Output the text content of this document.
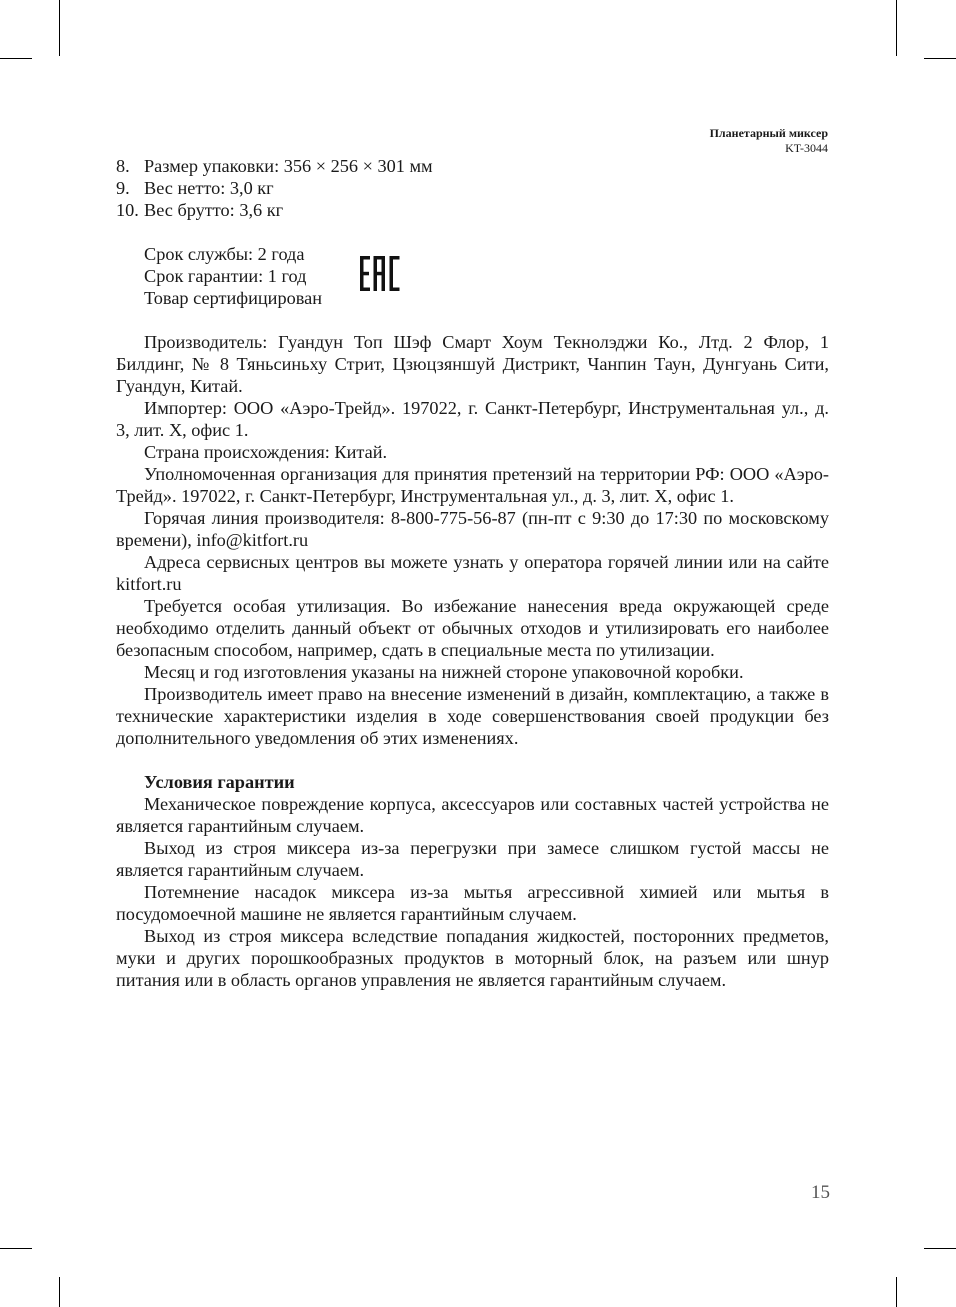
Планетарный миксер
KT-3044
8. Размер упаковки: 356 × 256 × 301 мм
9. Вес нетто: 3,0 кг
10. Вес брутто: 3,6 кг

Срок службы: 2 года

Срок гарантии: 1 год

Товар сертифицирован

Производитель: Гуандун Топ Шэф Смарт Хоум Текнолэджи Ко., Лтд. 2 Флор, 1 Билдинг, № 8 Тяньсиньху Стрит, Цзюцзяншуй Дистрикт, Чанпин Таун, Дунгуань Сити, Гуандун, Китай.

Импортер: ООО «Аэро-Трейд». 197022, г. Санкт-Петербург, Инструментальная ул., д. 3, лит. Х, офис 1.

Страна происхождения: Китай.

Уполномоченная организация для принятия претензий на территории РФ: ООО «Аэро-Трейд». 197022, г. Санкт-Петербург, Инструментальная ул., д. 3, лит. Х, офис 1.

Горячая линия производителя: 8-800-775-56-87 (пн-пт с 9:30 до 17:30 по московскому времени), info@kitfort.ru

Адреса сервисных центров вы можете узнать у оператора горячей линии или на сайте kitfort.ru

Требуется особая утилизация. Во избежание нанесения вреда окружающей среде необходимо отделить данный объект от обычных отходов и утилизировать его наиболее безопасным способом, например, сдать в специальные места по утилизации.

Месяц и год изготовления указаны на нижней стороне упаковочной коробки.

Производитель имеет право на внесение изменений в дизайн, комплектацию, а также в технические характеристики изделия в ходе совершенствования своей продукции без дополнительного уведомления об этих изменениях.

Условия гарантии

Механическое повреждение корпуса, аксессуаров или составных частей устройства не является гарантийным случаем.

Выход из строя миксера из-за перегрузки при замесе слишком густой массы не является гарантийным случаем.

Потемнение насадок миксера из-за мытья агрессивной химией или мытья в посудомоечной машине не является гарантийным случаем.

Выход из строя миксера вследствие попадания жидкостей, посторонних предметов, муки и других порошкообразных продуктов в моторный блок, на разъем или шнур питания или в область органов управления не является гарантийным случаем.

15
